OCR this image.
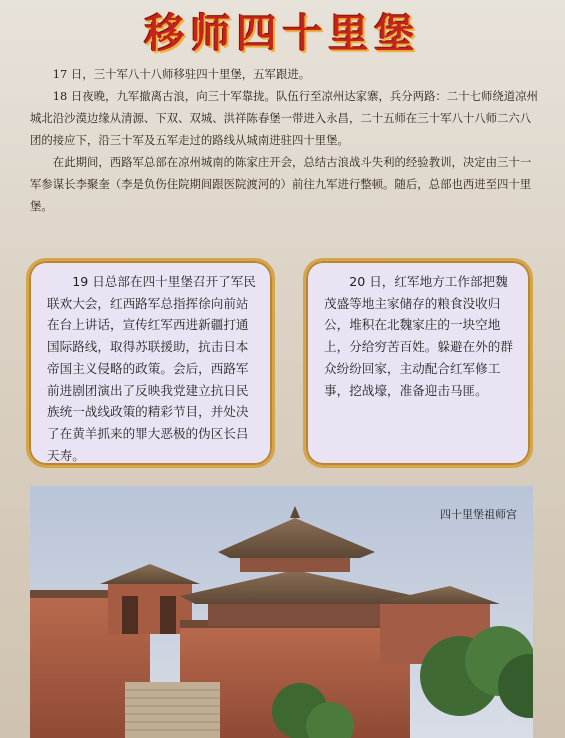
移师四十里堡

17 日，三十军八十八师移驻四十里堡，五军跟进。

18 日夜晚，九军撤离古浪，向三十军靠拢。队伍行至凉州达家寨，兵分两路：二十七师绕道凉州城北沿沙漠边缘从清源、下双、双城、洪祥陈春堡一带进入永昌，二十五师在三十军八十八师二六八团的接应下，沿三十军及五军走过的路线从城南进驻四十里堡。

在此期间，西路军总部在凉州城南的陈家庄开会，总结古浪战斗失利的经验教训，决定由三十一军参谋长李聚奎（李是负伤住院期间跟医院渡河的）前往九军进行整顿。随后，总部也西进至四十里堡。

19 日总部在四十里堡召开了军民联欢大会，红西路军总指挥徐向前站在台上讲话，宣传红军西进新疆打通国际路线，取得苏联援助，抗击日本帝国主义侵略的政策。会后，西路军前进剧团演出了反映我党建立抗日民族统一战线政策的精彩节目，并处决了在黄羊抓来的罪大恶极的伪区长吕天寿。

20 日，红军地方工作部把魏茂盛等地主家储存的粮食没收归公，堆积在北魏家庄的一块空地上，分给穷苦百姓。躲避在外的群众纷纷回家，主动配合红军修工事，挖战壕，准备迎击马匪。

四十里堡祖师宫
